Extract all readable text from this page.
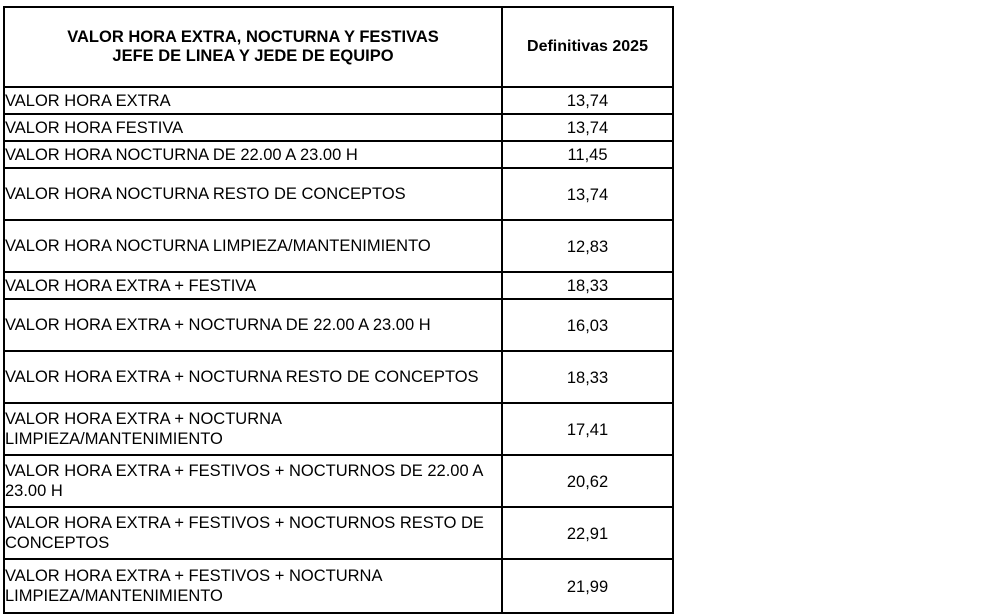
VALOR HORA EXTRA, NOCTURNA Y FESTIVAS
JEFE DE LINEA Y JEDE DE EQUIPO	Definitivas 2025
VALOR HORA EXTRA	13,74
VALOR HORA FESTIVA	13,74
VALOR HORA NOCTURNA DE 22.00 A 23.00 H	11,45
VALOR HORA NOCTURNA RESTO DE CONCEPTOS	13,74
VALOR HORA NOCTURNA LIMPIEZA/MANTENIMIENTO	12,83
VALOR HORA EXTRA + FESTIVA	18,33
VALOR HORA EXTRA + NOCTURNA DE 22.00 A 23.00 H	16,03
VALOR HORA EXTRA + NOCTURNA RESTO DE CONCEPTOS	18,33
VALOR HORA EXTRA + NOCTURNA LIMPIEZA/MANTENIMIENTO	17,41
VALOR HORA EXTRA + FESTIVOS + NOCTURNOS DE 22.00 A 23.00 H	20,62
VALOR HORA EXTRA + FESTIVOS + NOCTURNOS RESTO DE CONCEPTOS	22,91
VALOR HORA EXTRA + FESTIVOS + NOCTURNA LIMPIEZA/MANTENIMIENTO	21,99
